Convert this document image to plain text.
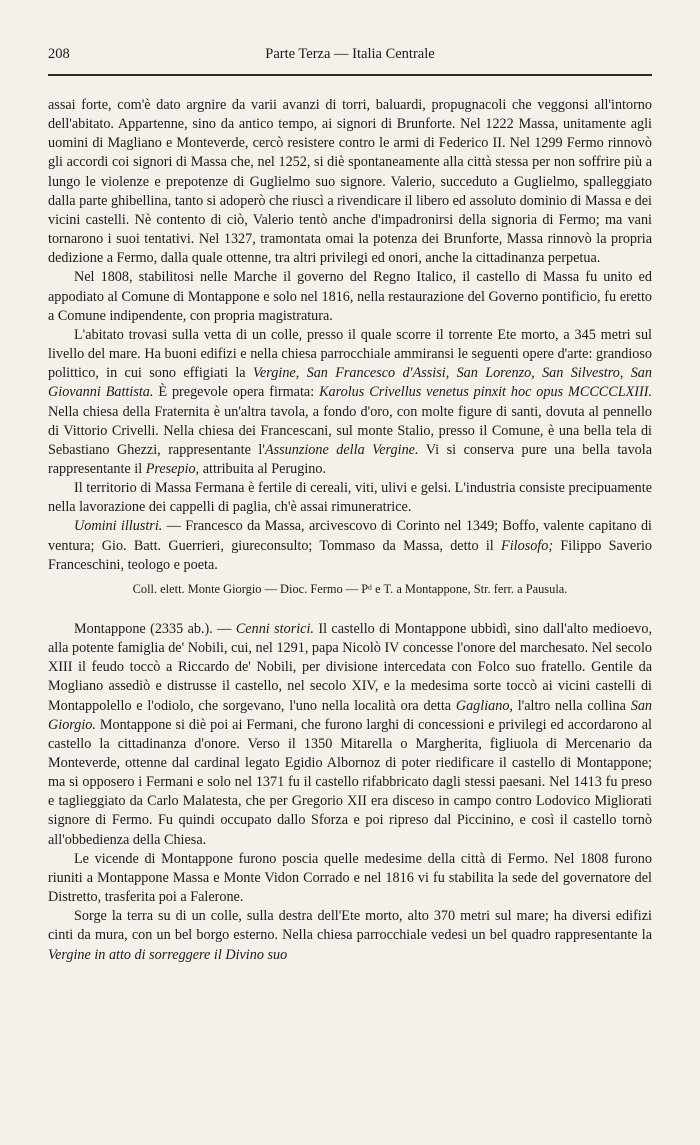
208	Parte Terza — Italia Centrale

assai forte, com'è dato argnire da varii avanzi di torri, baluardi, propugnacoli che veggonsi all'intorno dell'abitato. Appartenne, sino da antico tempo, ai signori di Brunforte. Nel 1222 Massa, unitamente agli uomini di Magliano e Monteverde, cercò resistere contro le armi di Federico II. Nel 1299 Fermo rinnovò gli accordi coi signori di Massa che, nel 1252, si diè spontaneamente alla città stessa per non soffrire più a lungo le violenze e prepotenze di Guglielmo suo signore. Valerio, succeduto a Guglielmo, spalleggiato dalla parte ghibellina, tanto si adoperò che riuscì a rivendicare il libero ed assoluto dominio di Massa e dei vicini castelli. Nè contento di ciò, Valerio tentò anche d'impadronirsi della signoria di Fermo; ma vani tornarono i suoi tentativi. Nel 1327, tramontata omai la potenza dei Brunforte, Massa rinnovò la propria dedizione a Fermo, dalla quale ottenne, tra altri privilegi ed onori, anche la cittadinanza perpetua.

Nel 1808, stabilitosi nelle Marche il governo del Regno Italico, il castello di Massa fu unito ed appodiato al Comune di Montappone e solo nel 1816, nella restaurazione del Governo pontificio, fu eretto a Comune indipendente, con propria magistratura.

L'abitato trovasi sulla vetta di un colle, presso il quale scorre il torrente Ete morto, a 345 metri sul livello del mare. Ha buoni edifizi e nella chiesa parrocchiale ammiransi le seguenti opere d'arte: grandioso polittico, in cui sono effigiati la Vergine, San Francesco d'Assisi, San Lorenzo, San Silvestro, San Giovanni Battista. È pregevole opera firmata: Karolus Crivellus venetus pinxit hoc opus MCCCCLXIII. Nella chiesa della Fraternita è un'altra tavola, a fondo d'oro, con molte figure di santi, dovuta al pennello di Vittorio Crivelli. Nella chiesa dei Francescani, sul monte Stalio, presso il Comune, è una bella tela di Sebastiano Ghezzi, rappresentante l'Assunzione della Vergine. Vi si conserva pure una bella tavola rappresentante il Presepio, attribuita al Perugino.

Il territorio di Massa Fermana è fertile di cereali, viti, ulivi e gelsi. L'industria consiste precipuamente nella lavorazione dei cappelli di paglia, ch'è assai rimuneratrice.

Uomini illustri. — Francesco da Massa, arcivescovo di Corinto nel 1349; Boffo, valente capitano di ventura; Gio. Batt. Guerrieri, giureconsulto; Tommaso da Massa, detto il Filosofo; Filippo Saverio Franceschini, teologo e poeta.

Coll. elett. Monte Giorgio — Dioc. Fermo — Pᵈ e T. a Montappone, Str. ferr. a Pausula.

Montappone (2335 ab.). — Cenni storici. Il castello di Montappone ubbidì, sino dall'alto medioevo, alla potente famiglia de' Nobili, cui, nel 1291, papa Nicolò IV concesse l'onore del marchesato. Nel secolo XIII il feudo toccò a Riccardo de' Nobili, per divisione intercedata con Folco suo fratello. Gentile da Mogliano assediò e distrusse il castello, nel secolo XIV, e la medesima sorte toccò ai vicini castelli di Montappolello e l'odiolo, che sorgevano, l'uno nella località ora detta Gagliano, l'altro nella collina San Giorgio. Montappone si diè poi ai Fermani, che furono larghi di concessioni e privilegi ed accordarono al castello la cittadinanza d'onore. Verso il 1350 Mitarella o Margherita, figliuola di Mercenario da Monteverde, ottenne dal cardinal legato Egidio Albornoz di poter riedificare il castello di Montappone; ma si opposero i Fermani e solo nel 1371 fu il castello rifabbricato dagli stessi paesani. Nel 1413 fu preso e taglieggiato da Carlo Malatesta, che per Gregorio XII era disceso in campo contro Lodovico Migliorati signore di Fermo. Fu quindi occupato dallo Sforza e poi ripreso dal Piccinino, e così il castello tornò all'obbedienza della Chiesa.

Le vicende di Montappone furono poscia quelle medesime della città di Fermo. Nel 1808 furono riuniti a Montappone Massa e Monte Vidon Corrado e nel 1816 vi fu stabilita la sede del governatore del Distretto, trasferita poi a Falerone.

Sorge la terra su di un colle, sulla destra dell'Ete morto, alto 370 metri sul mare; ha diversi edifizi cinti da mura, con un bel borgo esterno. Nella chiesa parrocchiale vedesi un bel quadro rappresentante la Vergine in atto di sorreggere il Divino suo
